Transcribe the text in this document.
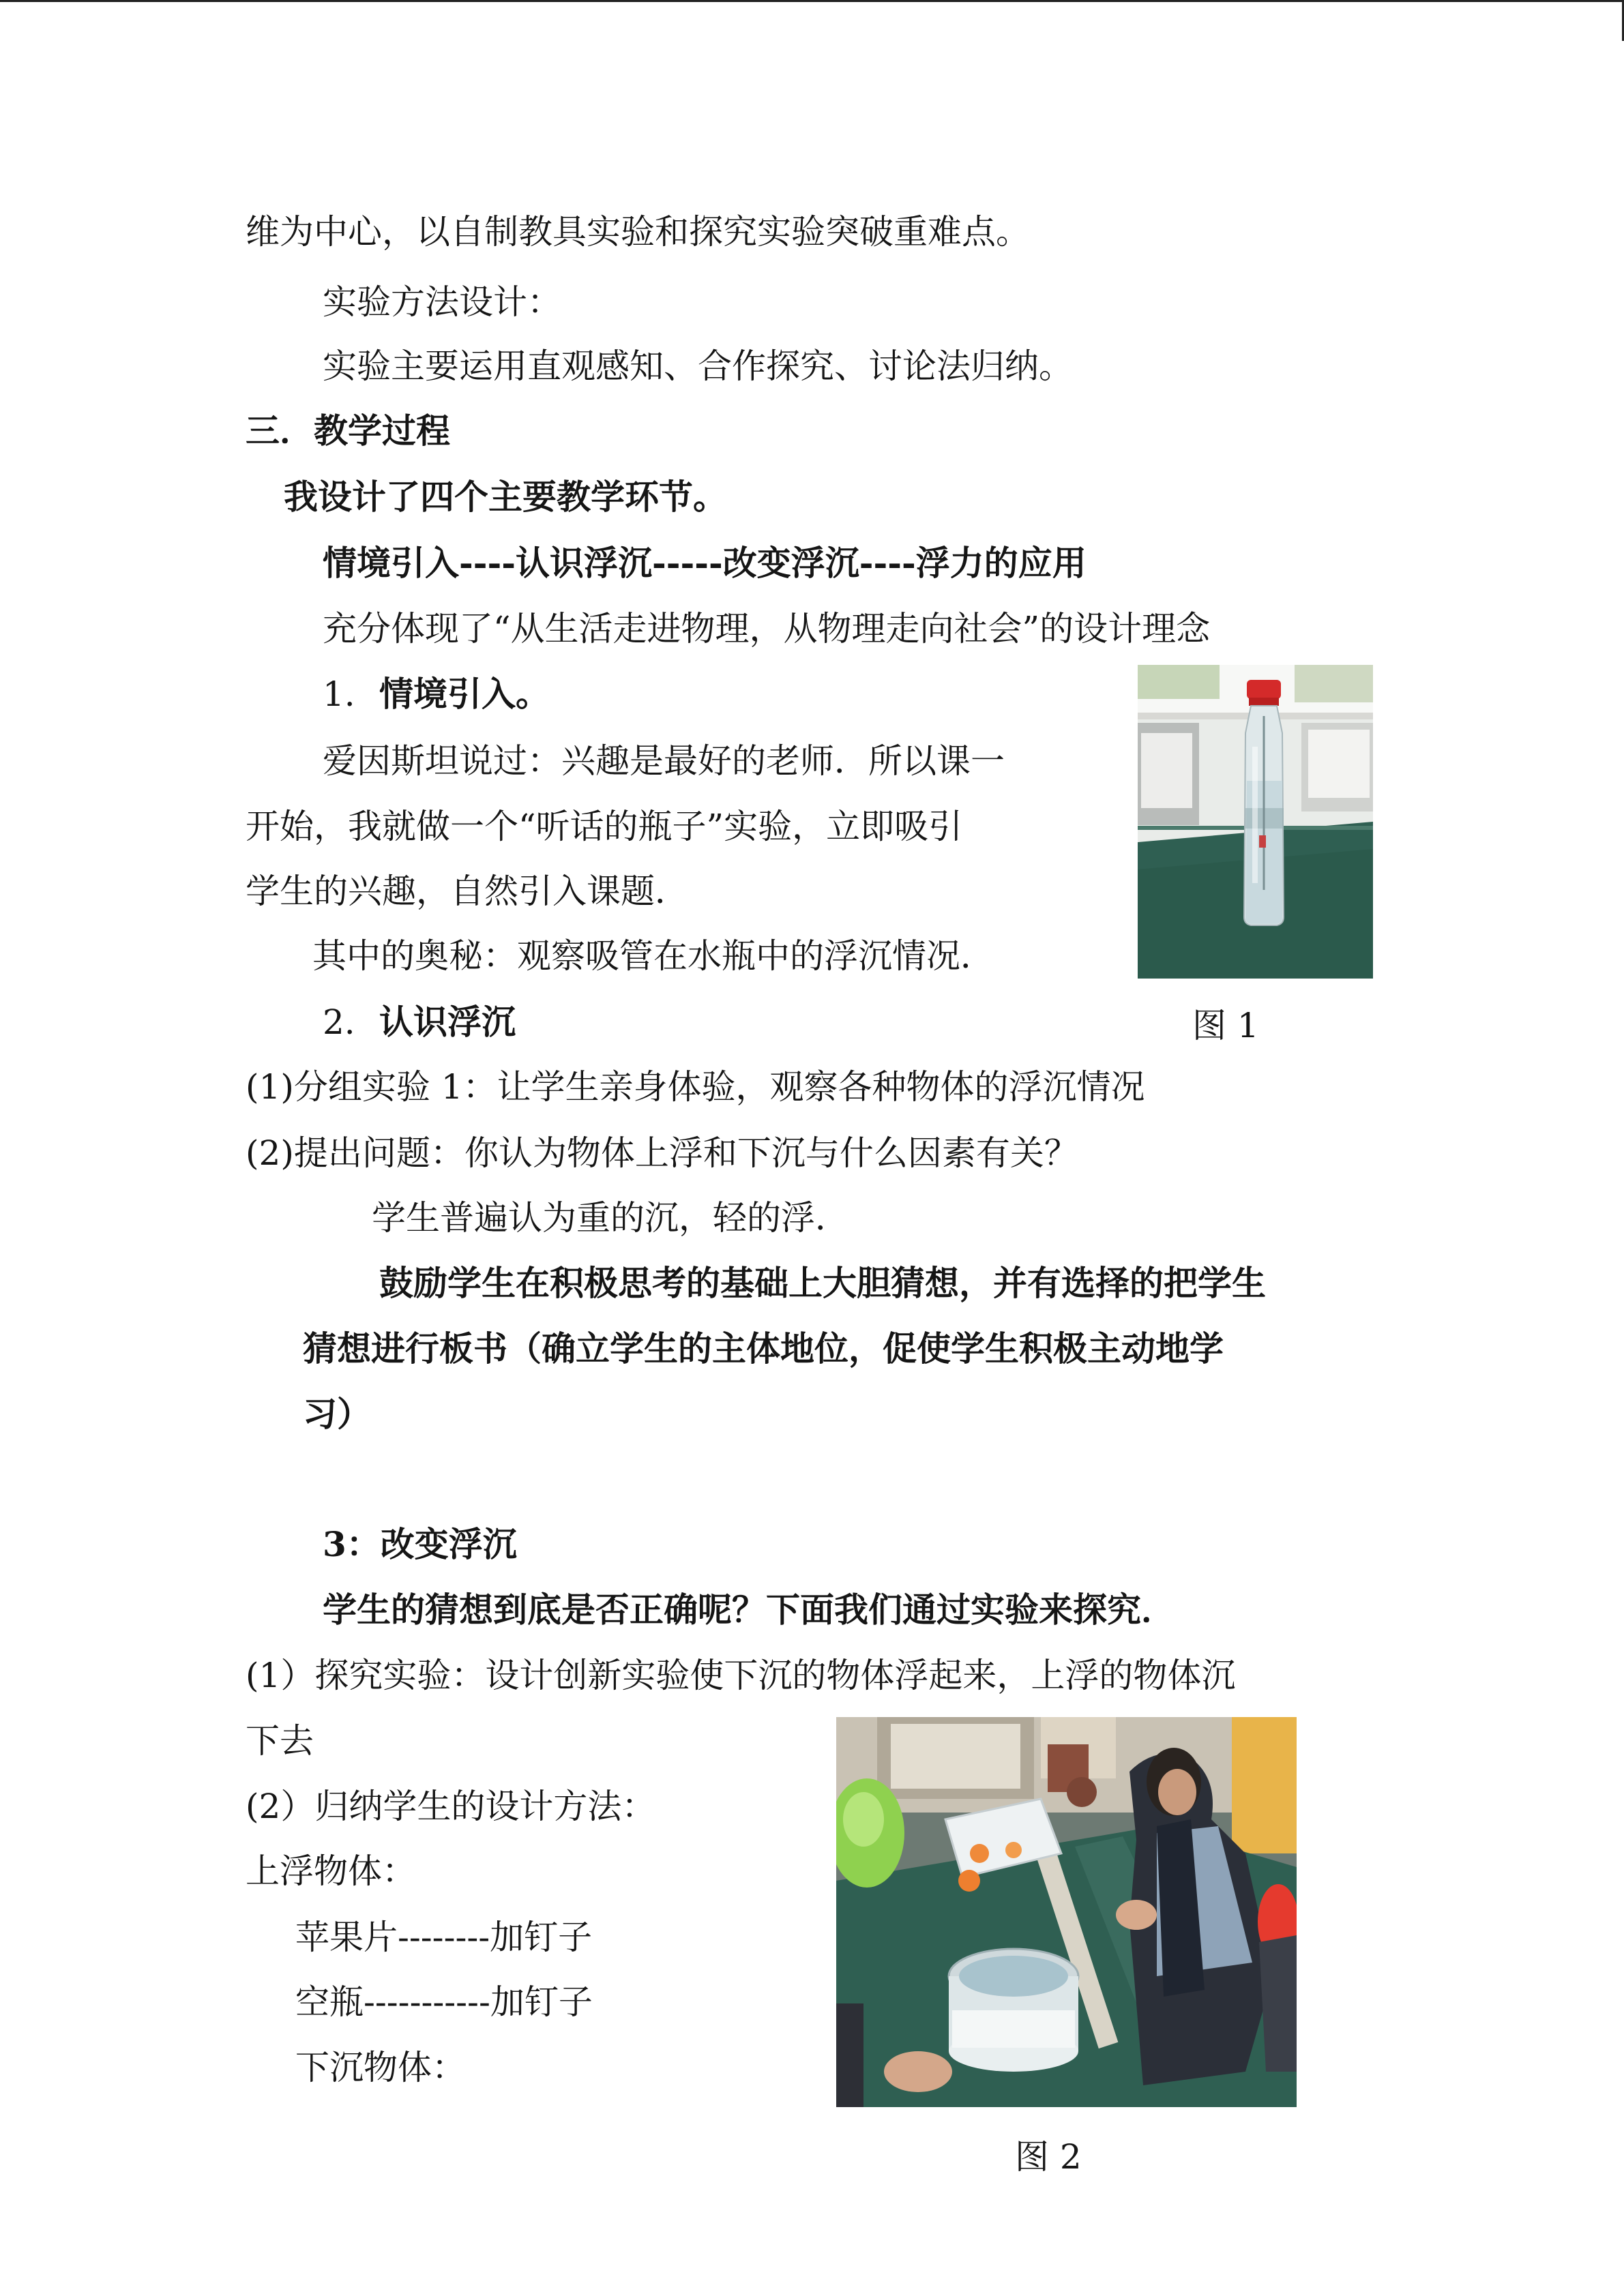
维为中心，以自制教具实验和探究实验突破重难点。
实验方法设计：
实验主要运用直观感知、合作探究、讨论法归纳。
三．教学过程
我设计了四个主要教学环节。
情境引入----认识浮沉-----改变浮沉----浮力的应用
充分体现了“从生活走进物理，从物理走向社会”的设计理念
1. 情境引入。
爱因斯坦说过：兴趣是最好的老师．所以课一
开始，我就做一个“听话的瓶子”实验，立即吸引
学生的兴趣，自然引入课题．
其中的奥秘：观察吸管在水瓶中的浮沉情况．
图 1
2. 认识浮沉
(1)分组实验 1：让学生亲身体验，观察各种物体的浮沉情况
(2)提出问题：你认为物体上浮和下沉与什么因素有关？
学生普遍认为重的沉，轻的浮．
鼓励学生在积极思考的基础上大胆猜想，并有选择的把学生
猜想进行板书（确立学生的主体地位，促使学生积极主动地学
习）
3：改变浮沉
学生的猜想到底是否正确呢？下面我们通过实验来探究．
(1）探究实验：设计创新实验使下沉的物体浮起来，上浮的物体沉
下去
(2）归纳学生的设计方法：
上浮物体：
苹果片--------加钉子
空瓶-----------加钉子
下沉物体：
图 2
